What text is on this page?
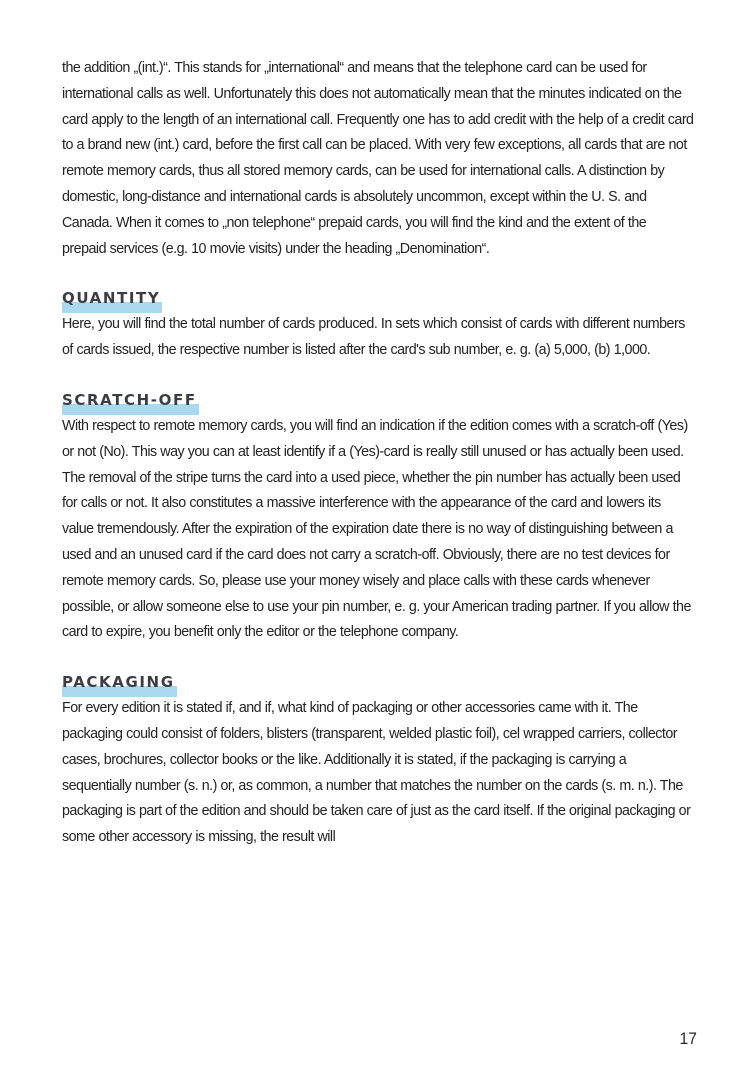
the addition „(int.)“. This stands for „international“ and means that the telephone card can be used for international calls as well. Unfortunately this does not automatically mean that the minutes indicated on the card apply to the length of an international call. Frequently one has to add credit with the help of a credit card to a brand new (int.) card, before the first call can be placed. With very few exceptions, all cards that are not remote memory cards, thus all stored memory cards, can be used for international calls. A distinction by domestic, long-distance and international cards is absolutely uncommon, except within the U. S. and Canada. When it comes to „non telephone“ prepaid cards, you will find the kind and the extent of the prepaid services (e.g. 10 movie visits) under the heading „Denomination“.

QUANTITY

Here, you will find the total number of cards produced. In sets which consist of cards with different numbers of cards issued, the respective number is listed after the card's sub number, e. g. (a) 5,000, (b) 1,000.

SCRATCH-OFF

With respect to remote memory cards, you will find an indication if the edition comes with a scratch-off (Yes) or not (No). This way you can at least identify if a (Yes)-card is really still unused or has actually been used. The removal of the stripe turns the card into a used piece, whether the pin number has actually been used for calls or not. It also constitutes a massive interference with the appearance of the card and lowers its value tremendously. After the expiration of the expiration date there is no way of distinguishing between a used and an unused card if the card does not carry a scratch-off. Obviously, there are no test devices for remote memory cards. So, please use your money wisely and place calls with these cards whenever possible, or allow someone else to use your pin number, e. g. your American trading partner. If you allow the card to expire, you benefit only the editor or the telephone company.

PACKAGING

For every edition it is stated if, and if, what kind of packaging or other accessories came with it. The packaging could consist of folders, blisters (transparent, welded plastic foil), cel wrapped carriers, collector cases, brochures, collector books or the like. Additionally it is stated, if the packaging is carrying a sequentially number (s. n.) or, as common, a number that matches the number on the cards (s. m. n.). The packaging is part of the edition and should be taken care of just as the card itself. If the original packaging or some other accessory is missing, the result will

17
